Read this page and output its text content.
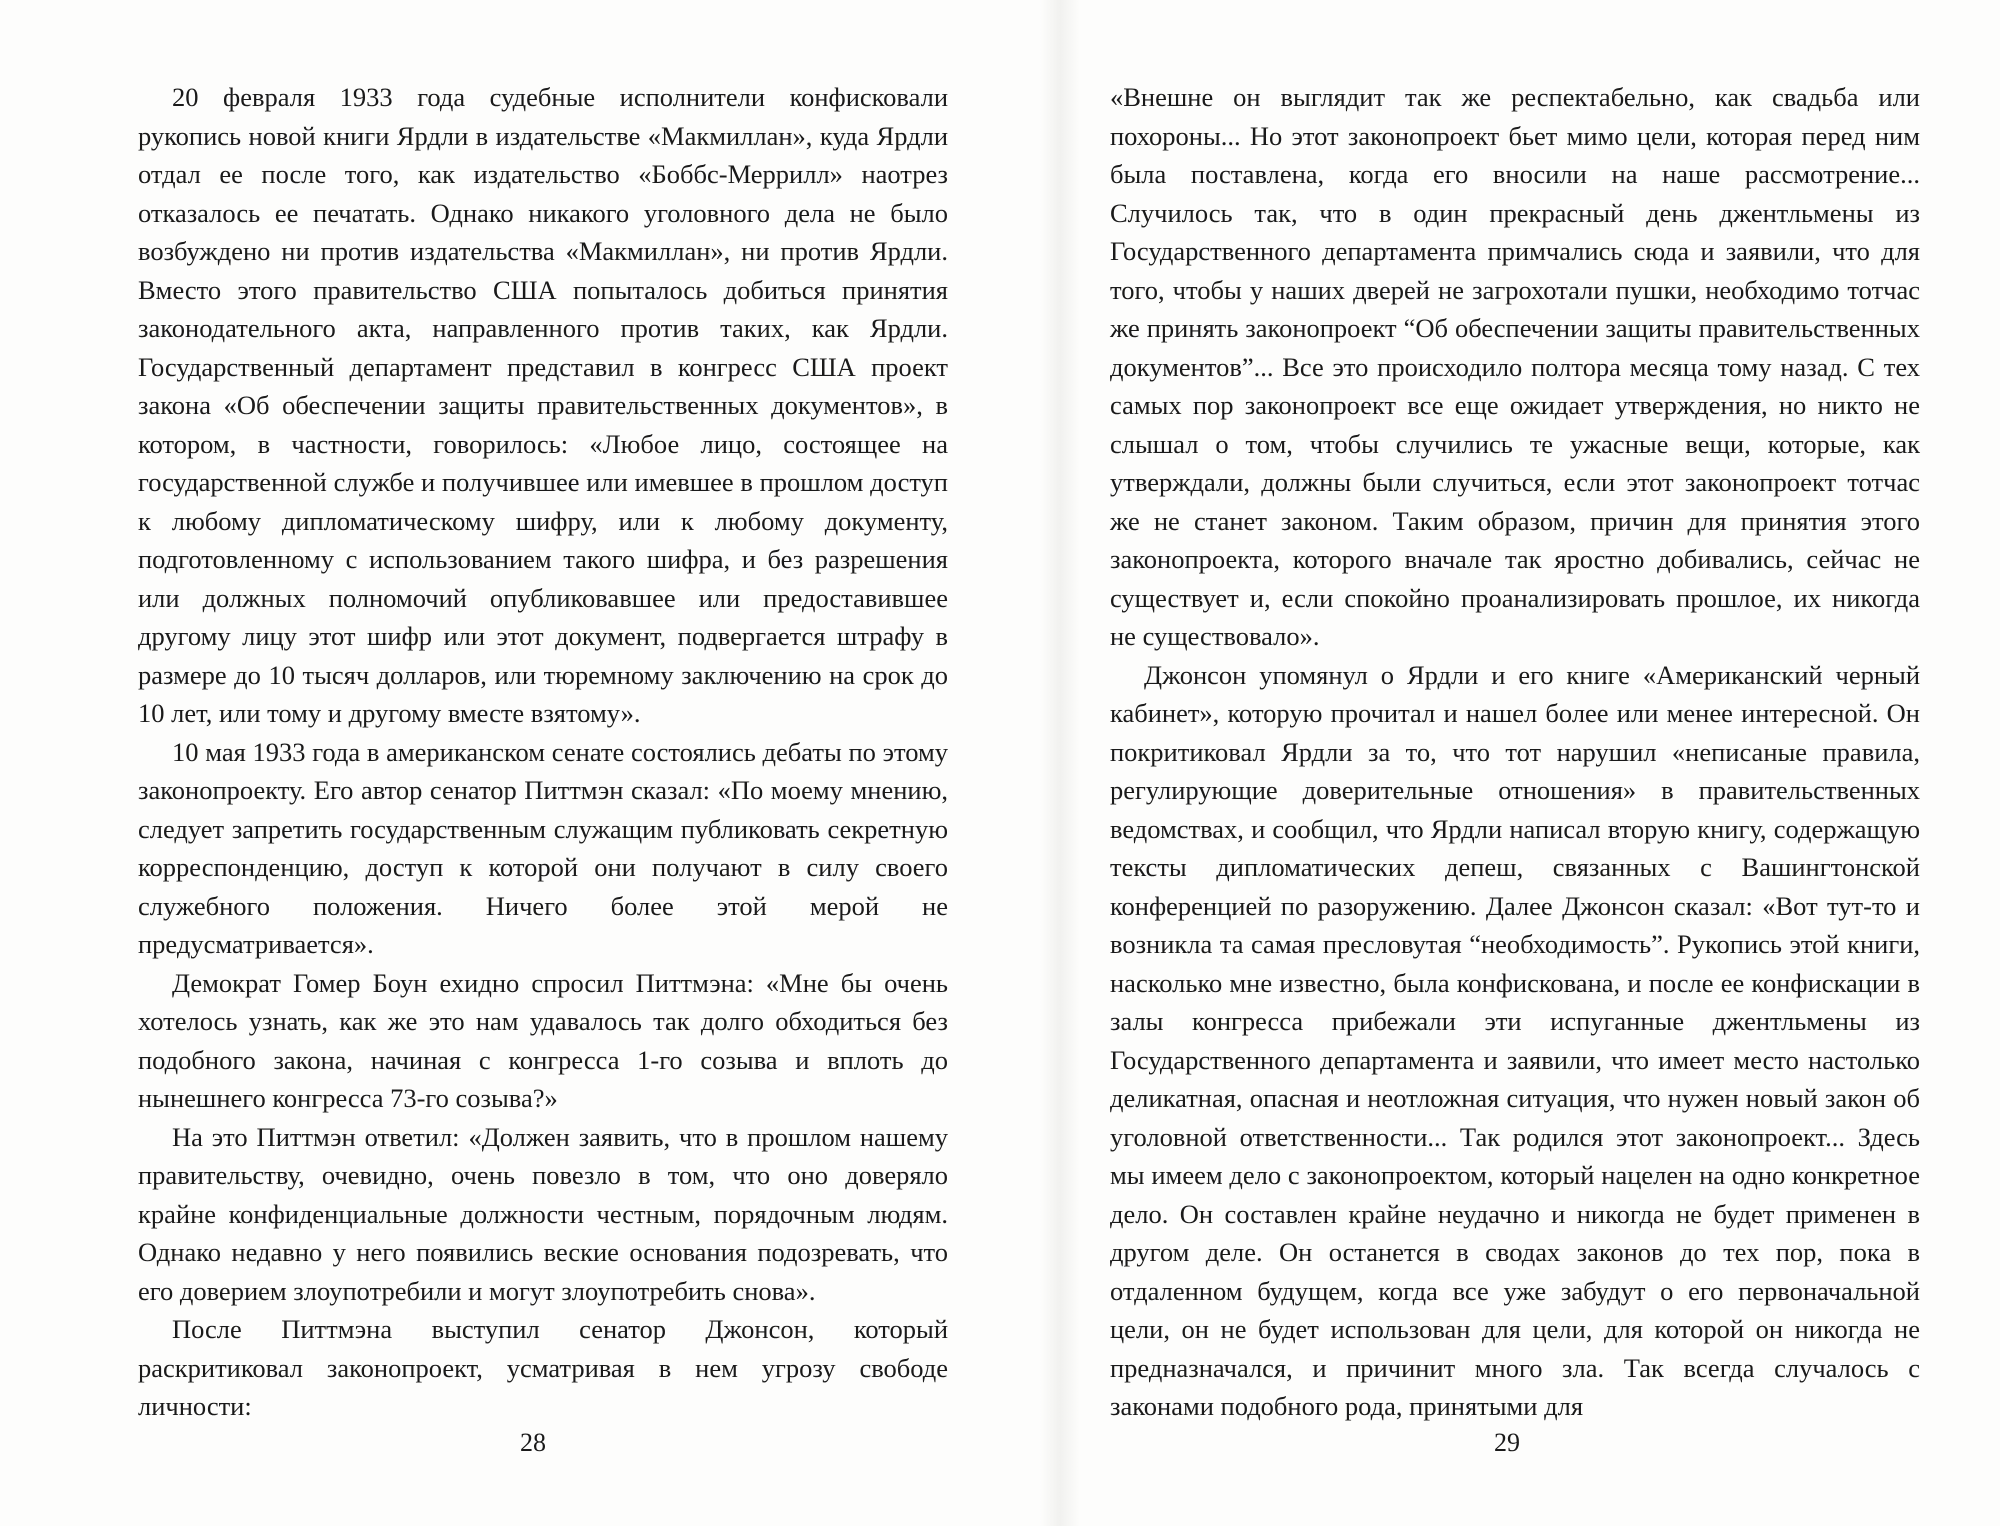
20 февраля 1933 года судебные исполнители конфисковали рукопись новой книги Ярдли в издательстве «Макмиллан», куда Ярдли отдал ее после того, как издательство «Боббс-Меррилл» наотрез отказалось ее печатать. Однако никакого уголовного дела не было возбуждено ни против издательства «Макмиллан», ни против Ярдли. Вместо этого правительство США попыталось добиться принятия законодательного акта, направленного против таких, как Ярдли. Государственный департамент представил в конгресс США проект закона «Об обеспечении защиты правительственных документов», в котором, в частности, говорилось: «Любое лицо, состоящее на государственной службе и получившее или имевшее в прошлом доступ к любому дипломатическому шифру, или к любому документу, подготовленному с использованием такого шифра, и без разрешения или должных полномочий опубликовавшее или предоставившее другому лицу этот шифр или этот документ, подвергается штрафу в размере до 10 тысяч долларов, или тюремному заключению на срок до 10 лет, или тому и другому вместе взятому».

10 мая 1933 года в американском сенате состоялись дебаты по этому законопроекту. Его автор сенатор Питтмэн сказал: «По моему мнению, следует запретить государственным служащим публиковать секретную корреспонденцию, доступ к которой они получают в силу своего служебного положения. Ничего более этой мерой не предусматривается».

Демократ Гомер Боун ехидно спросил Питтмэна: «Мне бы очень хотелось узнать, как же это нам удавалось так долго обходиться без подобного закона, начиная с конгресса 1-го созыва и вплоть до нынешнего конгресса 73-го созыва?»

На это Питтмэн ответил: «Должен заявить, что в прошлом нашему правительству, очевидно, очень повезло в том, что оно доверяло крайне конфиденциальные должности честным, порядочным людям. Однако недавно у него появились веские основания подозревать, что его доверием злоупотребили и могут злоупотребить снова».

После Питтмэна выступил сенатор Джонсон, который раскритиковал законопроект, усматривая в нем угрозу свободе личности:

28

«Внешне он выглядит так же респектабельно, как свадьба или похороны... Но этот законопроект бьет мимо цели, которая перед ним была поставлена, когда его вносили на наше рассмотрение... Случилось так, что в один прекрасный день джентльмены из Государственного департамента примчались сюда и заявили, что для того, чтобы у наших дверей не загрохотали пушки, необходимо тотчас же принять законопроект “Об обеспечении защиты правительственных документов”... Все это происходило полтора месяца тому назад. С тех самых пор законопроект все еще ожидает утверждения, но никто не слышал о том, чтобы случились те ужасные вещи, которые, как утверждали, должны были случиться, если этот законопроект тотчас же не станет законом. Таким образом, причин для принятия этого законопроекта, которого вначале так яростно добивались, сейчас не существует и, если спокойно проанализировать прошлое, их никогда не существовало».

Джонсон упомянул о Ярдли и его книге «Американский черный кабинет», которую прочитал и нашел более или менее интересной. Он покритиковал Ярдли за то, что тот нарушил «неписаные правила, регулирующие доверительные отношения» в правительственных ведомствах, и сообщил, что Ярдли написал вторую книгу, содержащую тексты дипломатических депеш, связанных с Вашингтонской конференцией по разоружению. Далее Джонсон сказал: «Вот тут-то и возникла та самая пресловутая “необходимость”. Рукопись этой книги, насколько мне известно, была конфискована, и после ее конфискации в залы конгресса прибежали эти испуганные джентльмены из Государственного департамента и заявили, что имеет место настолько деликатная, опасная и неотложная ситуация, что нужен новый закон об уголовной ответственности... Так родился этот законопроект... Здесь мы имеем дело с законопроектом, который нацелен на одно конкретное дело. Он составлен крайне неудачно и никогда не будет применен в другом деле. Он останется в сводах законов до тех пор, пока в отдаленном будущем, когда все уже забудут о его первоначальной цели, он не будет использован для цели, для которой он никогда не предназначался, и причинит много зла. Так всегда случалось с законами подобного рода, принятыми для

29
